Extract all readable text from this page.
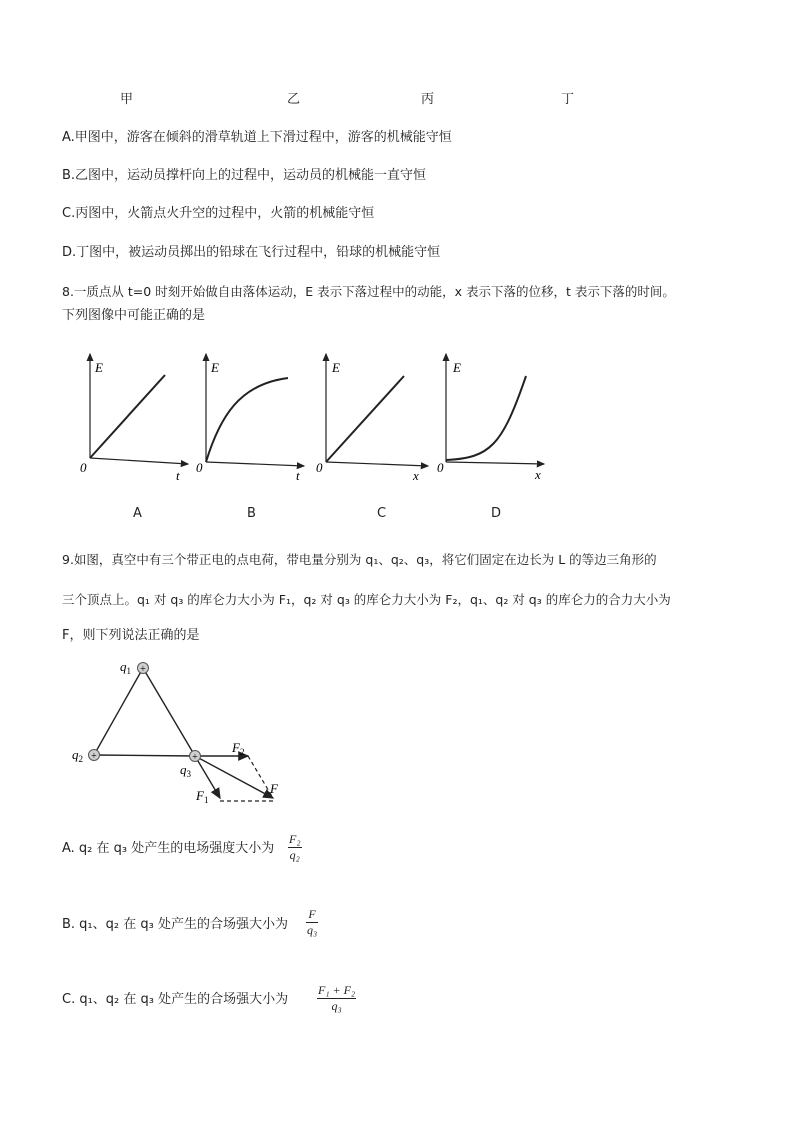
甲	乙	丙	丁
A.甲图中，游客在倾斜的滑草轨道上下滑过程中，游客的机械能守恒
B.乙图中，运动员撑杆向上的过程中，运动员的机械能一直守恒
C.丙图中，火箭点火升空的过程中，火箭的机械能守恒
D.丁图中，被运动员掷出的铅球在飞行过程中，铅球的机械能守恒
8.一质点从 t=0 时刻开始做自由落体运动，E 表示下落过程中的动能，x 表示下落的位移，t 表示下落的时间。
下列图像中可能正确的是
E
t
0
E
t
0
E
x
0
E
x
0
A	B	C	D
9.如图，真空中有三个带正电的点电荷，带电量分别为 q₁、q₂、q₃，将它们固定在边长为 L 的等边三角形的
三个顶点上。q₁ 对 q₃ 的库仑力大小为 F₁，q₂ 对 q₃ 的库仑力大小为 F₂，q₁、q₂ 对 q₃ 的库仑力的合力大小为
F，则下列说法正确的是
+
+	+
$q_1$
$q_2$
$q_3$
$F_2$
$F_1$
F
A. q₂ 在 q₃ 处产生的电场强度大小为 $\frac{\text{F₂}}{\text{q₂}}$
B. q₁、q₂ 在 q₃ 处产生的合场强大小为 $\frac{F}{\text{q₃}}$
C. q₁、q₂ 在 q₃ 处产生的合场强大小为 $\frac{\text{F₁ + F₂}}{\text{q₃}}$
